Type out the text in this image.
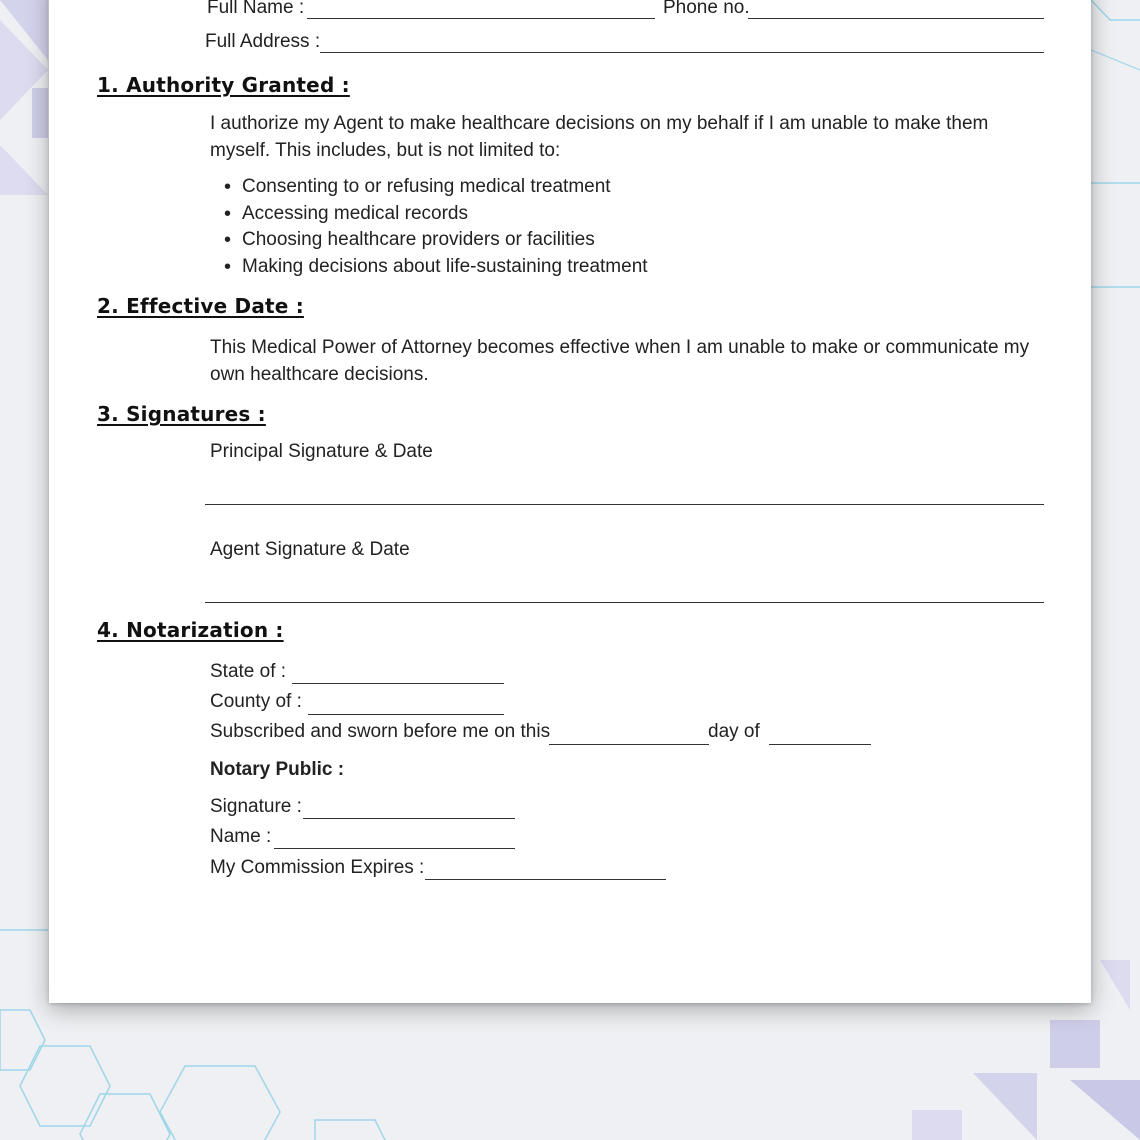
Full Name :	Phone no.
Full Address :
1. Authority Granted :
I authorize my Agent to make healthcare decisions on my behalf if I am unable to make them myself. This includes, but is not limited to:
• Consenting to or refusing medical treatment
• Accessing medical records
• Choosing healthcare providers or facilities
• Making decisions about life-sustaining treatment
2. Effective Date :
This Medical Power of Attorney becomes effective when I am unable to make or communicate my own healthcare decisions.
3. Signatures :
Principal Signature & Date
Agent Signature & Date
4. Notarization :
State of :
County of :
Subscribed and sworn before me on this	day of
Notary Public :
Signature :
Name :
My Commission Expires :
